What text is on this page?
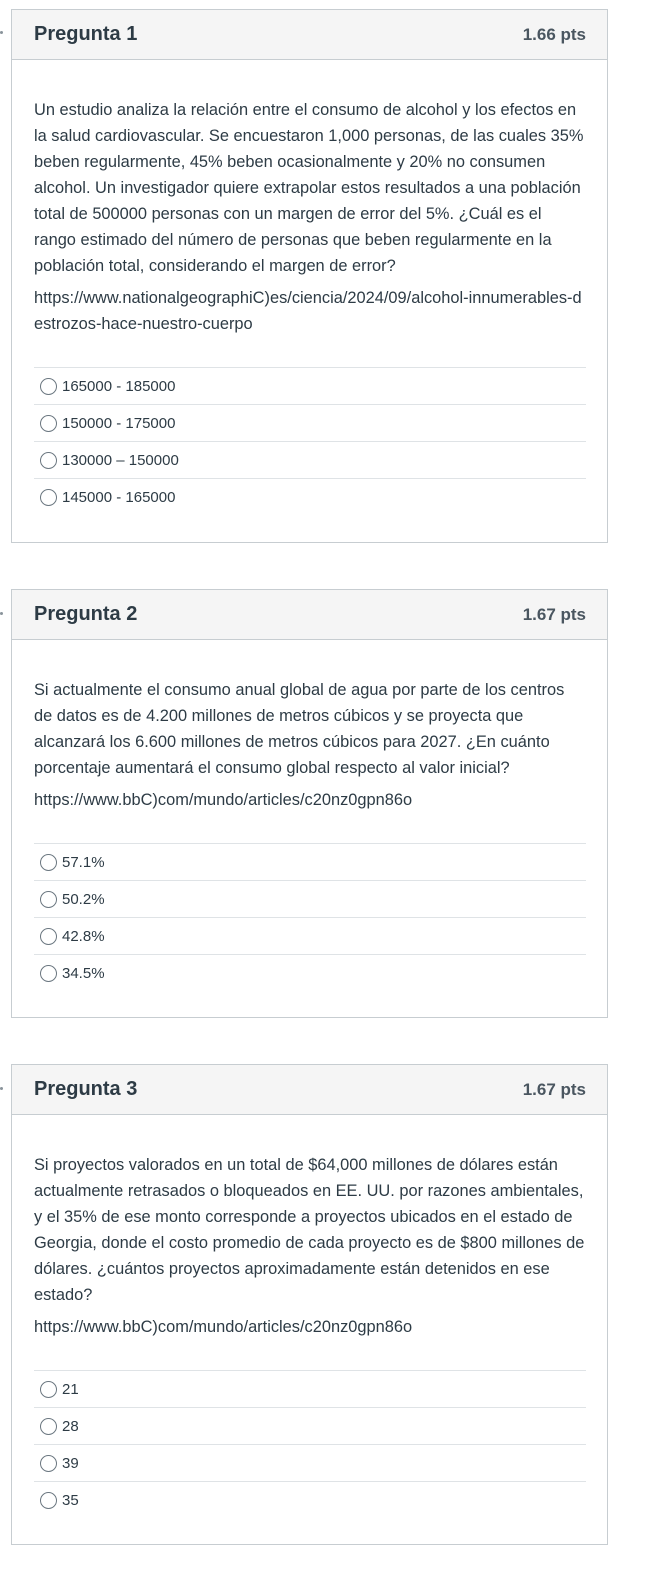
Pregunta 1	1.66 pts

Un estudio analiza la relación entre el consumo de alcohol y los efectos en la salud cardiovascular. Se encuestaron 1,000 personas, de las cuales 35% beben regularmente, 45% beben ocasionalmente y 20% no consumen alcohol. Un investigador quiere extrapolar estos resultados a una población total de 500000 personas con un margen de error del 5%. ¿Cuál es el rango estimado del número de personas que beben regularmente en la población total, considerando el margen de error?

https://www.nationalgeographiC)es/ciencia/2024/09/alcohol-innumerables-destrozos-hace-nuestro-cuerpo

165000 - 185000
150000 - 175000
130000 – 150000
145000 - 165000
Pregunta 2	1.67 pts

Si actualmente el consumo anual global de agua por parte de los centros de datos es de 4.200 millones de metros cúbicos y se proyecta que alcanzará los 6.600 millones de metros cúbicos para 2027. ¿En cuánto porcentaje aumentará el consumo global respecto al valor inicial?

https://www.bbC)com/mundo/articles/c20nz0gpn86o

57.1%
50.2%
42.8%
34.5%
Pregunta 3	1.67 pts

Si proyectos valorados en un total de $64,000 millones de dólares están actualmente retrasados o bloqueados en EE. UU. por razones ambientales, y el 35% de ese monto corresponde a proyectos ubicados en el estado de Georgia, donde el costo promedio de cada proyecto es de $800 millones de dólares. ¿cuántos proyectos aproximadamente están detenidos en ese estado?

https://www.bbC)com/mundo/articles/c20nz0gpn86o

21
28
39
35
